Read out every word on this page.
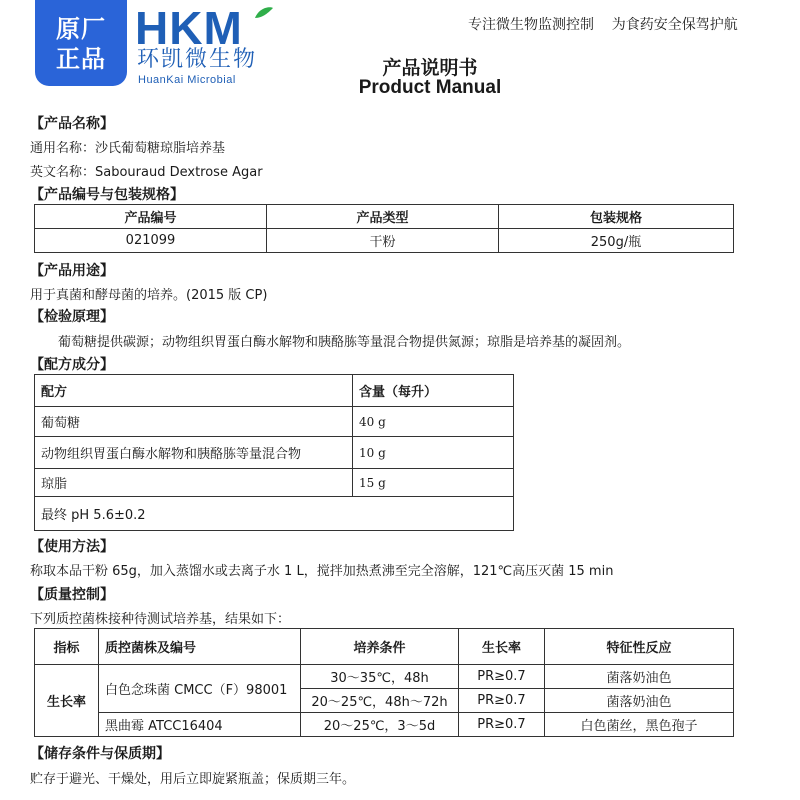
原厂
正品
HKM
环凯微生物
HuanKai Microbial
专注微生物监测控制    为食药安全保驾护航
产品说明书
Product Manual
【产品名称】
通用名称：沙氏葡萄糖琼脂培养基
英文名称：Sabouraud Dextrose Agar
【产品编号与包装规格】
产品编号	产品类型	包装规格
021099	干粉	250g/瓶
【产品用途】
用于真菌和酵母菌的培养。(2015 版 CP)
【检验原理】
葡萄糖提供碳源；动物组织胃蛋白酶水解物和胰酪胨等量混合物提供氮源；琼脂是培养基的凝固剂。
【配方成分】
配方	含量（每升）
葡萄糖	40 g
动物组织胃蛋白酶水解物和胰酪胨等量混合物	10 g
琼脂	15 g
最终 pH 5.6±0.2	
【使用方法】
称取本品干粉 65g，加入蒸馏水或去离子水 1 L，搅拌加热煮沸至完全溶解，121℃高压灭菌 15 min
【质量控制】
下列质控菌株接种待测试培养基，结果如下：
指标	质控菌株及编号	培养条件	生长率	特征性反应
生长率	白色念珠菌 CMCC（F）98001	30～35℃，48h	PR≥0.7	菌落奶油色
		20～25℃，48h～72h	PR≥0.7	菌落奶油色
	黑曲霉 ATCC16404	20～25℃，3～5d	PR≥0.7	白色菌丝，黑色孢子
【储存条件与保质期】
贮存于避光、干燥处，用后立即旋紧瓶盖；保质期三年。
